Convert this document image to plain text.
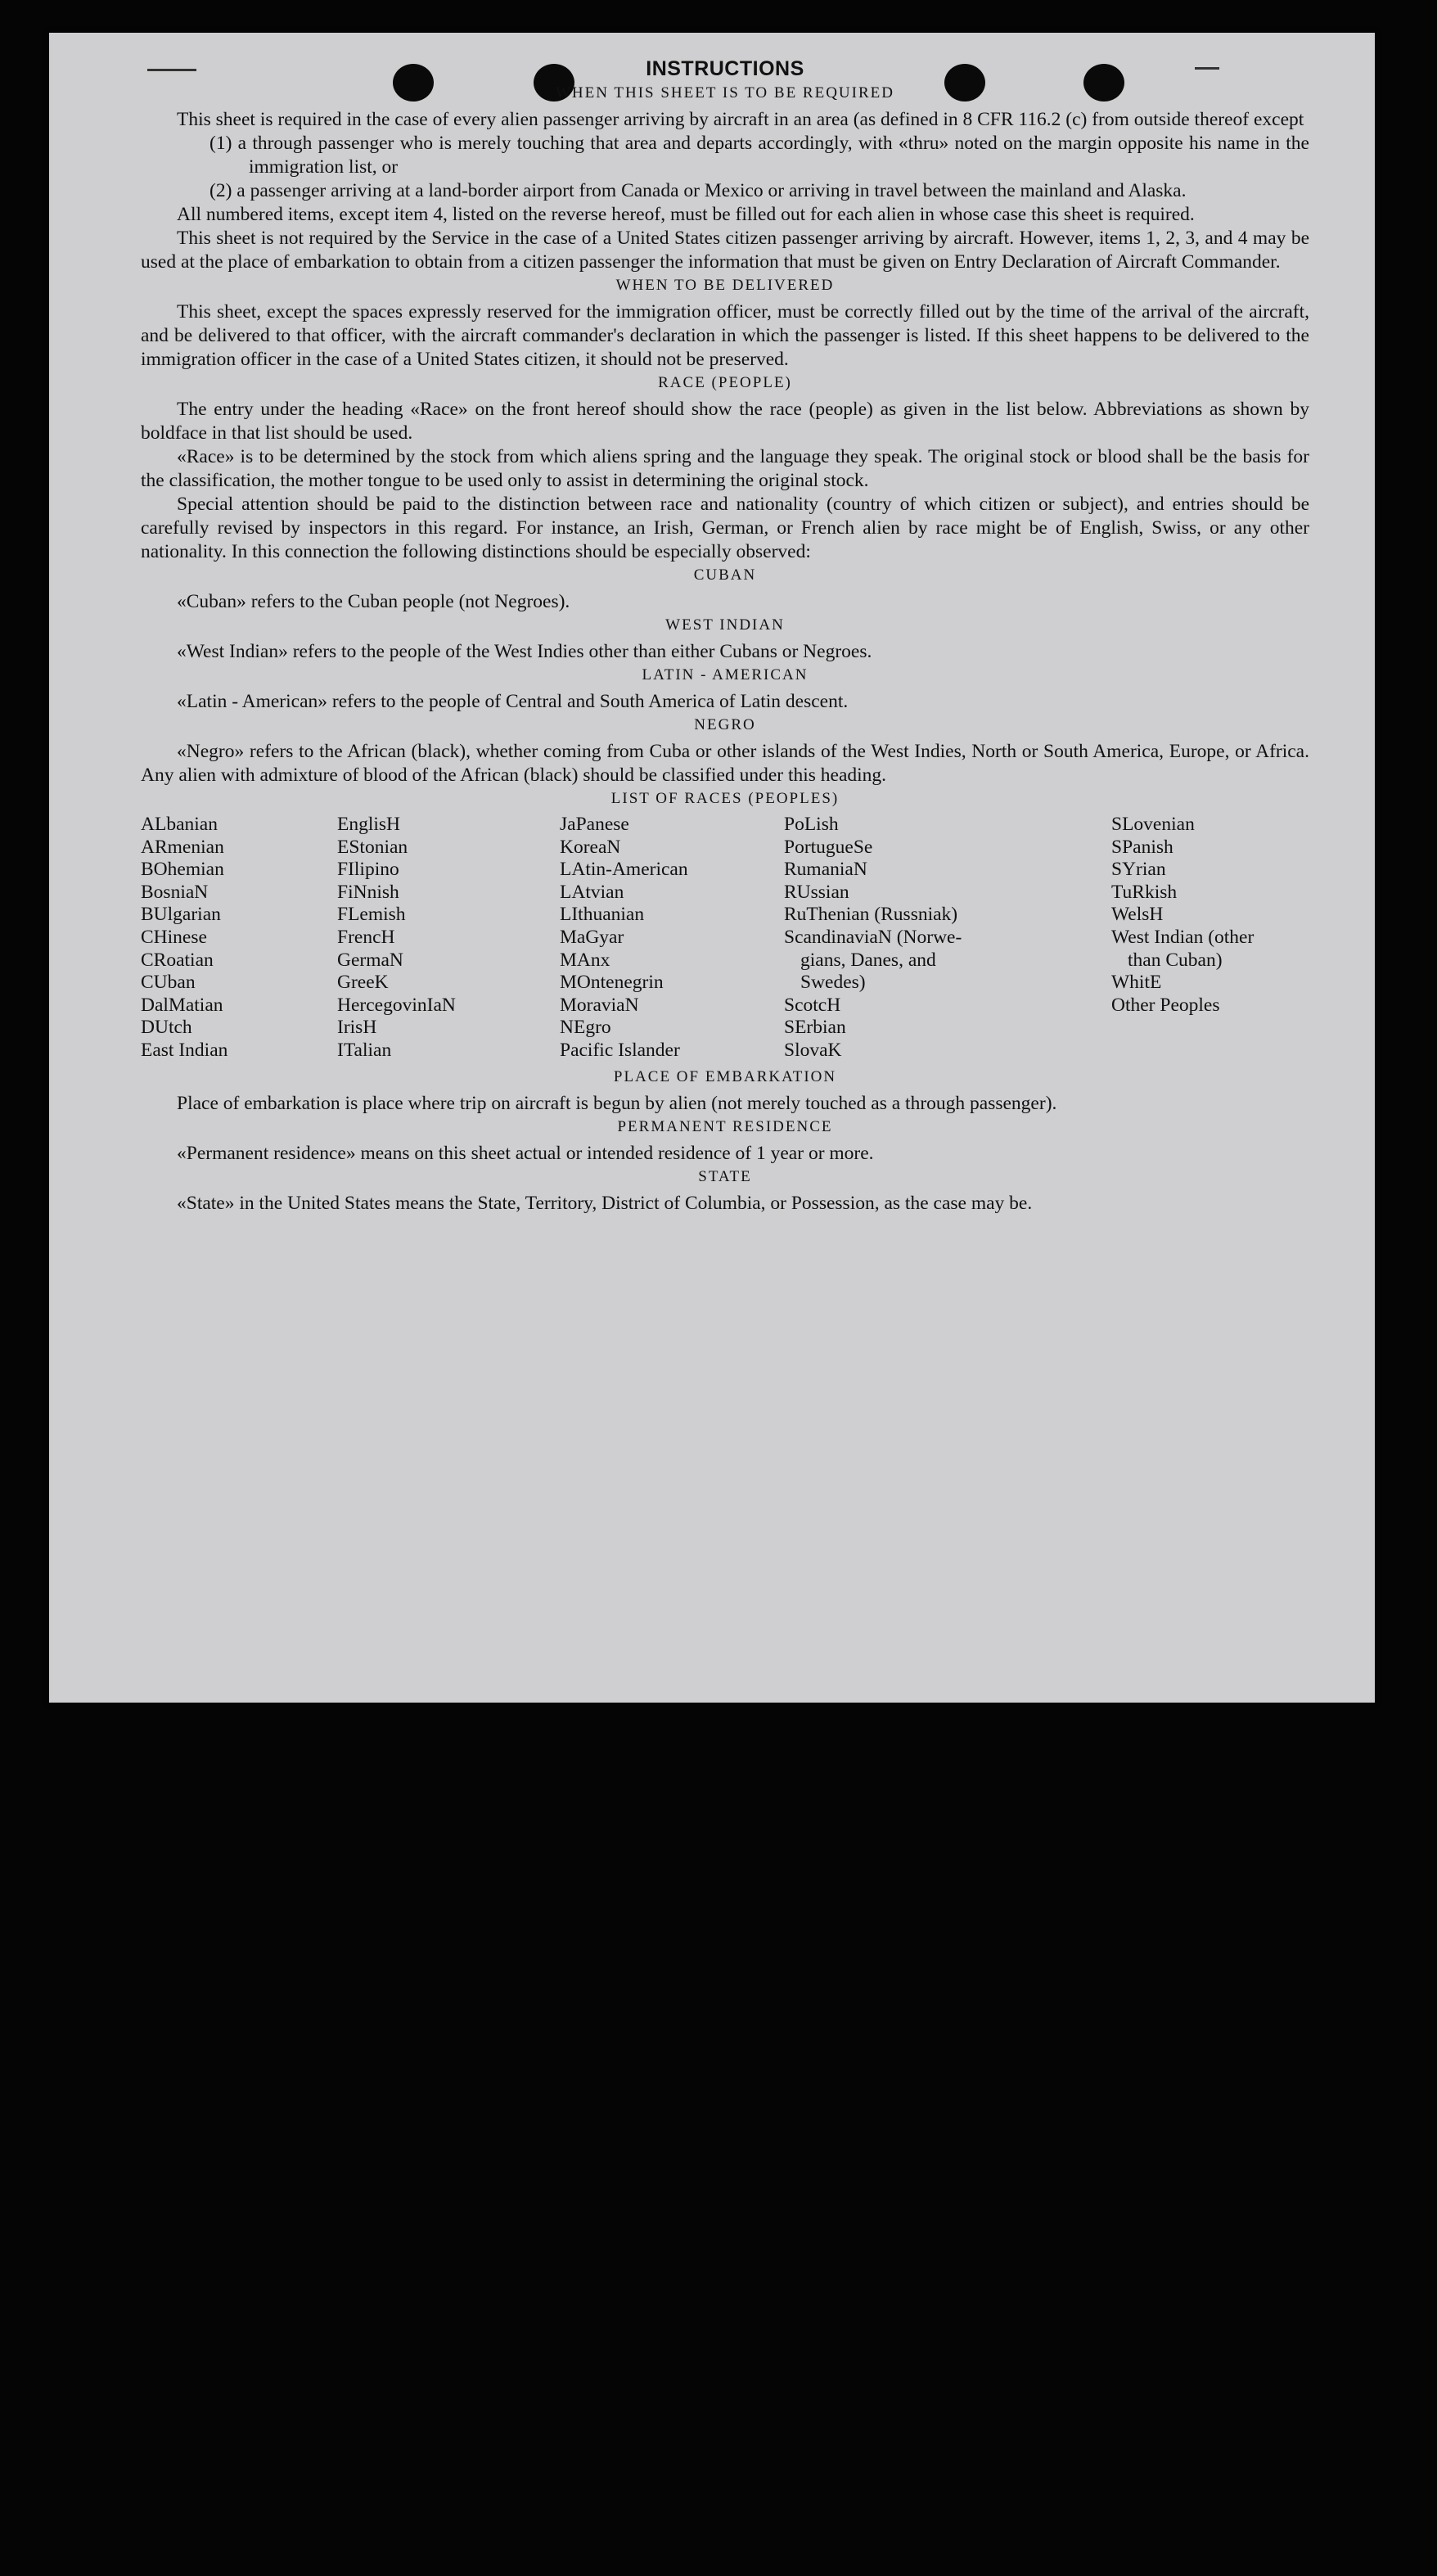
INSTRUCTIONS
WHEN THIS SHEET IS TO BE REQUIRED

This sheet is required in the case of every alien passenger arriving by aircraft in an area (as defined in 8 CFR 116.2 (c) from outside thereof except

(1) a through passenger who is merely touching that area and departs accordingly, with «thru» noted on the margin opposite his name in the immigration list, or
(2) a passenger arriving at a land-border airport from Canada or Mexico or arriving in travel between the mainland and Alaska.

All numbered items, except item 4, listed on the reverse hereof, must be filled out for each alien in whose case this sheet is required.

This sheet is not required by the Service in the case of a United States citizen passenger arriving by aircraft. However, items 1, 2, 3, and 4 may be used at the place of embarkation to obtain from a citizen passenger the information that must be given on Entry Declaration of Aircraft Commander.

WHEN TO BE DELIVERED

This sheet, except the spaces expressly reserved for the immigration officer, must be correctly filled out by the time of the arrival of the aircraft, and be delivered to that officer, with the aircraft commander's declaration in which the passenger is listed. If this sheet happens to be delivered to the immigration officer in the case of a United States citizen, it should not be preserved.

RACE (PEOPLE)

The entry under the heading «Race» on the front hereof should show the race (people) as given in the list below. Abbreviations as shown by boldface in that list should be used.

«Race» is to be determined by the stock from which aliens spring and the language they speak. The original stock or blood shall be the basis for the classification, the mother tongue to be used only to assist in determining the original stock.

Special attention should be paid to the distinction between race and nationality (country of which citizen or subject), and entries should be carefully revised by inspectors in this regard. For instance, an Irish, German, or French alien by race might be of English, Swiss, or any other nationality. In this connection the following distinctions should be especially observed:

CUBAN

«Cuban» refers to the Cuban people (not Negroes).

WEST INDIAN

«West Indian» refers to the people of the West Indies other than either Cubans or Negroes.

LATIN - AMERICAN

«Latin - American» refers to the people of Central and South America of Latin descent.

NEGRO

«Negro» refers to the African (black), whether coming from Cuba or other islands of the West Indies, North or South America, Europe, or Africa. Any alien with admixture of blood of the African (black) should be classified under this heading.

LIST OF RACES (PEOPLES)
ALbanian
ARmenian
BOhemian
BosniaN
BUlgarian
CHinese
CRoatian
CUban
DalMatian
DUtch
East Indian
EnglisH
EStonian
FIlipino
FiNnish
FLemish
FrencH
GermaN
GreeK
HercegovinIaN
IrisH
ITalian
JaPanese
KoreaN
LAtin-American
LAtvian
LIthuanian
MaGyar
MAnx
MOntenegrin
MoraviaN
NEgro
Pacific Islander
PoLish
PortugueSe
RumaniaN
RUssian
RuThenian (Russniak)
ScandinaviaN (Norwe-
gians, Danes, and
Swedes)
ScotcH
SErbian
SlovaK
SLovenian
SPanish
SYrian
TuRkish
WelsH
West Indian (other
than Cuban)
WhitE
Other Peoples
PLACE OF EMBARKATION

Place of embarkation is place where trip on aircraft is begun by alien (not merely touched as a through passenger).

PERMANENT RESIDENCE

«Permanent residence» means on this sheet actual or intended residence of 1 year or more.

STATE

«State» in the United States means the State, Territory, District of Columbia, or Possession, as the case may be.
